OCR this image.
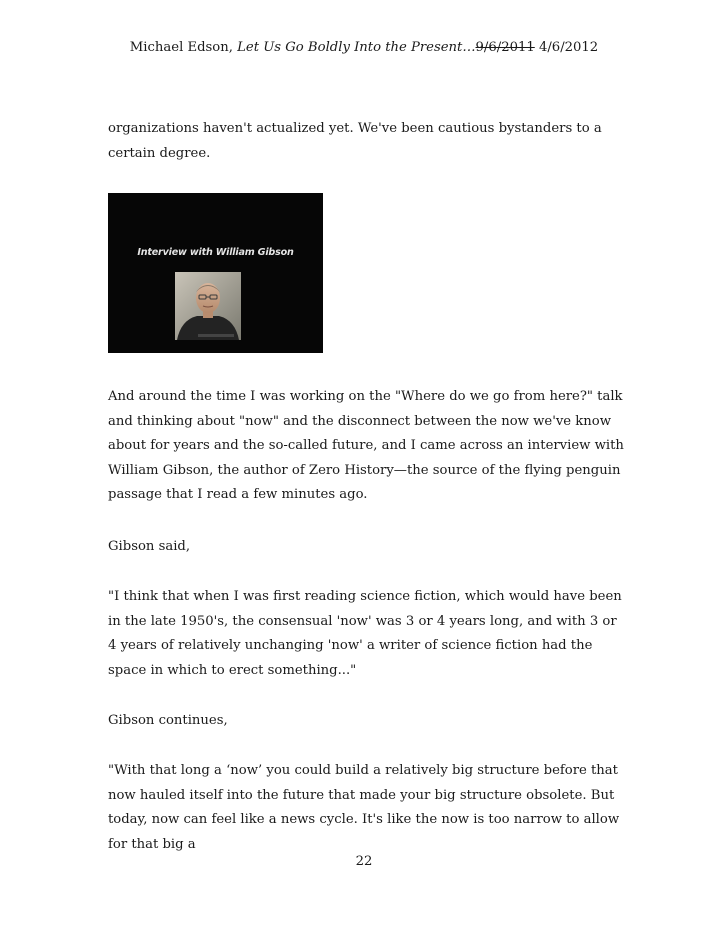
Michael Edson, Let Us Go Boldly Into the Present…9/6/2011 4/6/2012

organizations haven't actualized yet. We've been cautious bystanders to a certain degree.

Interview with William Gibson

And around the time I was working on the "Where do we go from here?" talk and thinking about "now" and the disconnect between the now we've know about for years and the so-called future, and I came across an interview with William Gibson, the author of Zero History—the source of the flying penguin passage that I read a few minutes ago.

Gibson said,

"I think that when I was first reading science fiction, which would have been in the late 1950's, the consensual 'now' was 3 or 4 years long, and with 3 or 4 years of relatively unchanging 'now' a writer of science fiction had the space in which to erect something..."

Gibson continues,

"With that long a ‘now’ you could build a relatively big structure before that now hauled itself into the future that made your big structure obsolete. But today, now can feel like a news cycle. It's like the now is too narrow to allow for that big a

22
